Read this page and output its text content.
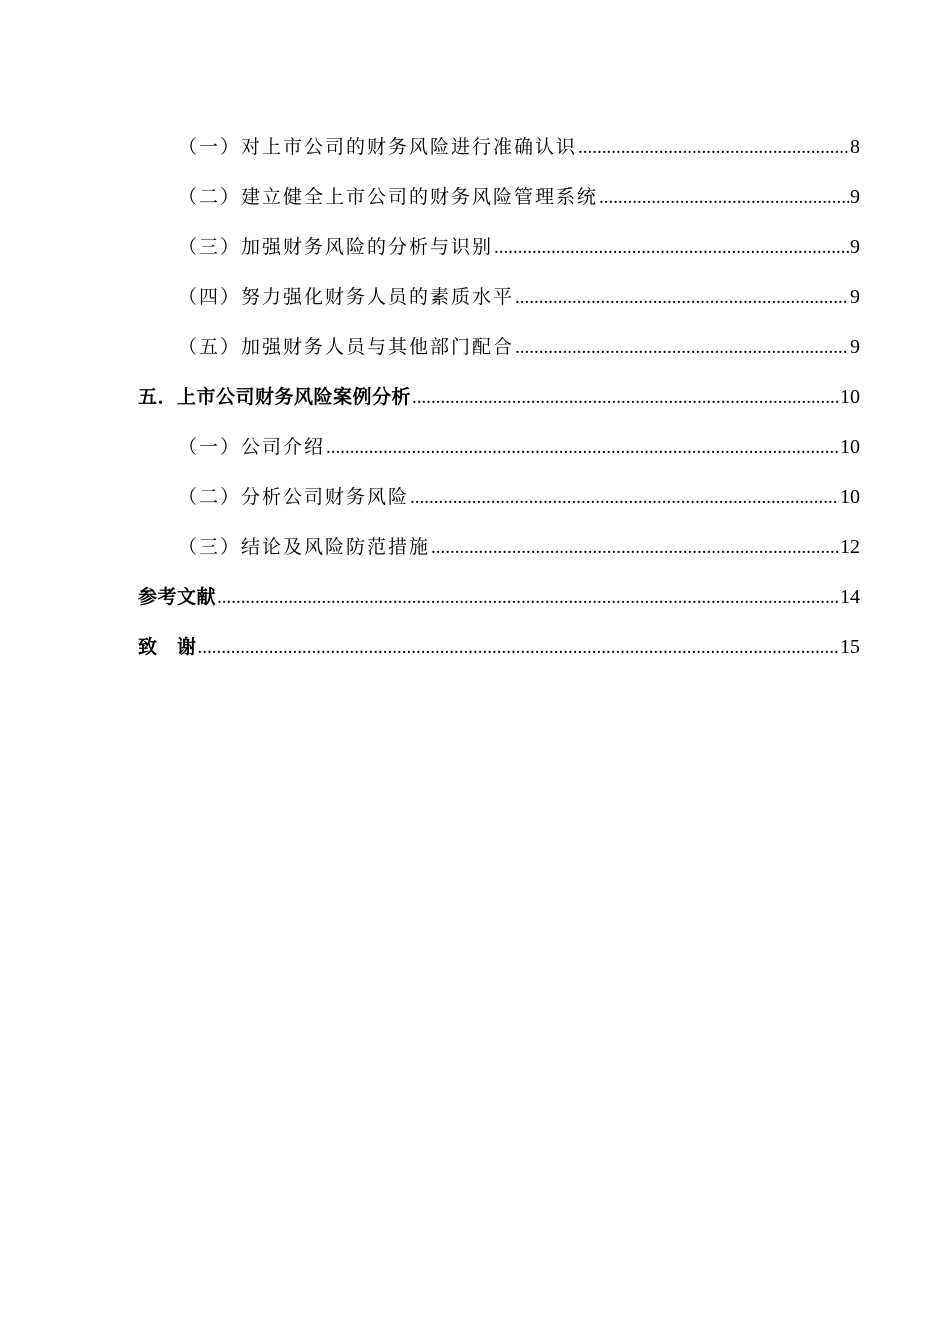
（一）对上市公司的财务风险进行准确认识 .....	8
（二）建立健全上市公司的财务风险管理系统 .....	9
（三）加强财务风险的分析与识别 .....	9
（四）努力强化财务人员的素质水平 .....	9
（五）加强财务人员与其他部门配合 .....	9
五．上市公司财务风险案例分析 .....	10
（一）公司介绍 .....	10
（二）分析公司财务风险 .....	10
（三）结论及风险防范措施 .....	12
参考文献 .....	14
致　谢 .....	15
